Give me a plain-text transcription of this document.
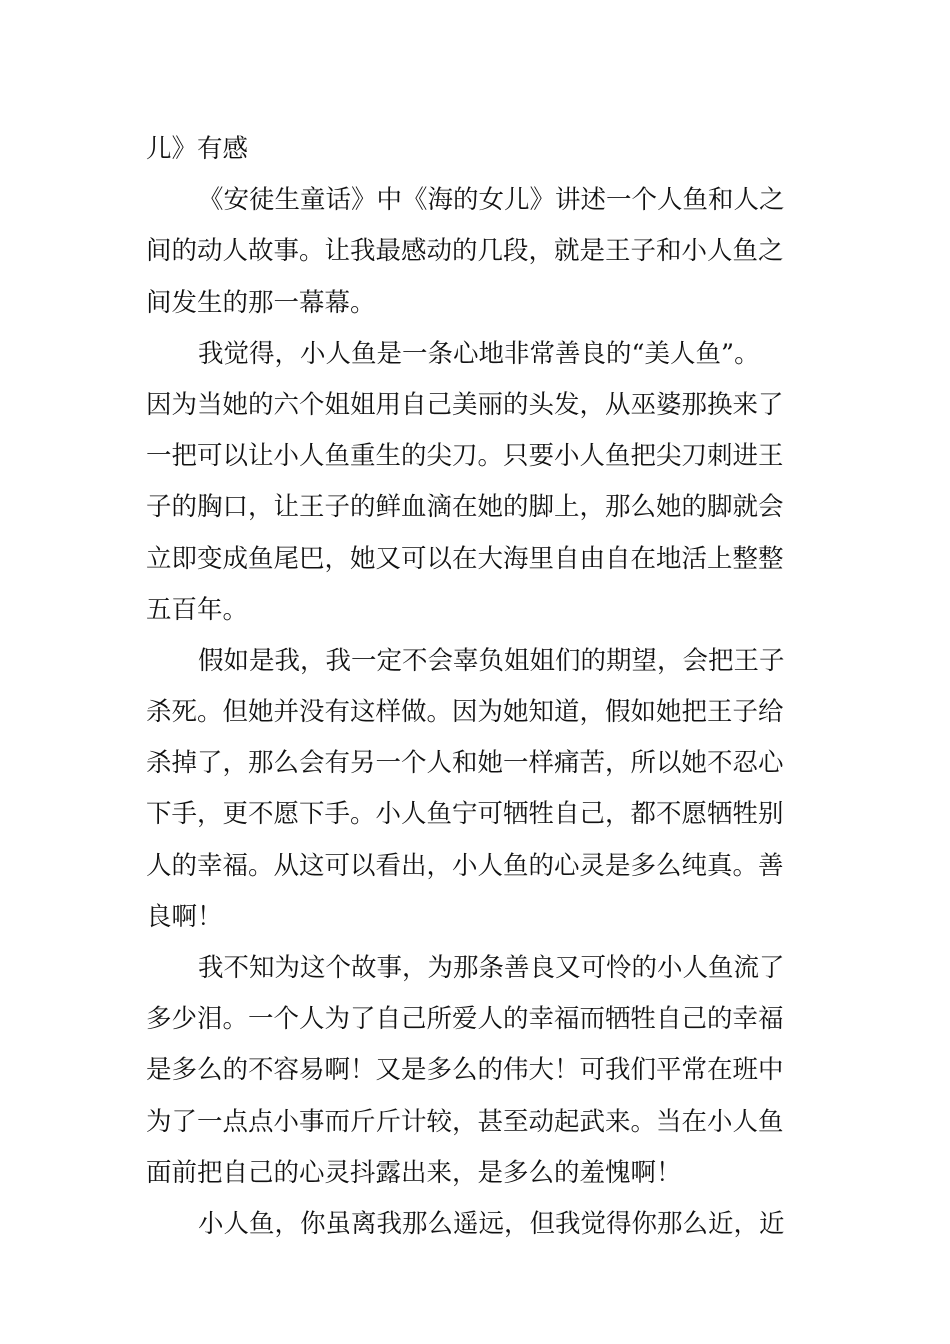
儿》有感
《安徒生童话》中《海的女儿》讲述一个人鱼和人之
间的动人故事。让我最感动的几段，就是王子和小人鱼之
间发生的那一幕幕。
我觉得，小人鱼是一条心地非常善良的“美人鱼”。
因为当她的六个姐姐用自己美丽的头发，从巫婆那换来了
一把可以让小人鱼重生的尖刀。只要小人鱼把尖刀刺进王
子的胸口，让王子的鲜血滴在她的脚上，那么她的脚就会
立即变成鱼尾巴，她又可以在大海里自由自在地活上整整
五百年。
假如是我，我一定不会辜负姐姐们的期望，会把王子
杀死。但她并没有这样做。因为她知道，假如她把王子给
杀掉了，那么会有另一个人和她一样痛苦，所以她不忍心
下手，更不愿下手。小人鱼宁可牺牲自己，都不愿牺牲别
人的幸福。从这可以看出，小人鱼的心灵是多么纯真。善
良啊！
我不知为这个故事，为那条善良又可怜的小人鱼流了
多少泪。一个人为了自己所爱人的幸福而牺牲自己的幸福
是多么的不容易啊！又是多么的伟大！可我们平常在班中
为了一点点小事而斤斤计较，甚至动起武来。当在小人鱼
面前把自己的心灵抖露出来，是多么的羞愧啊！
小人鱼，你虽离我那么遥远，但我觉得你那么近，近
